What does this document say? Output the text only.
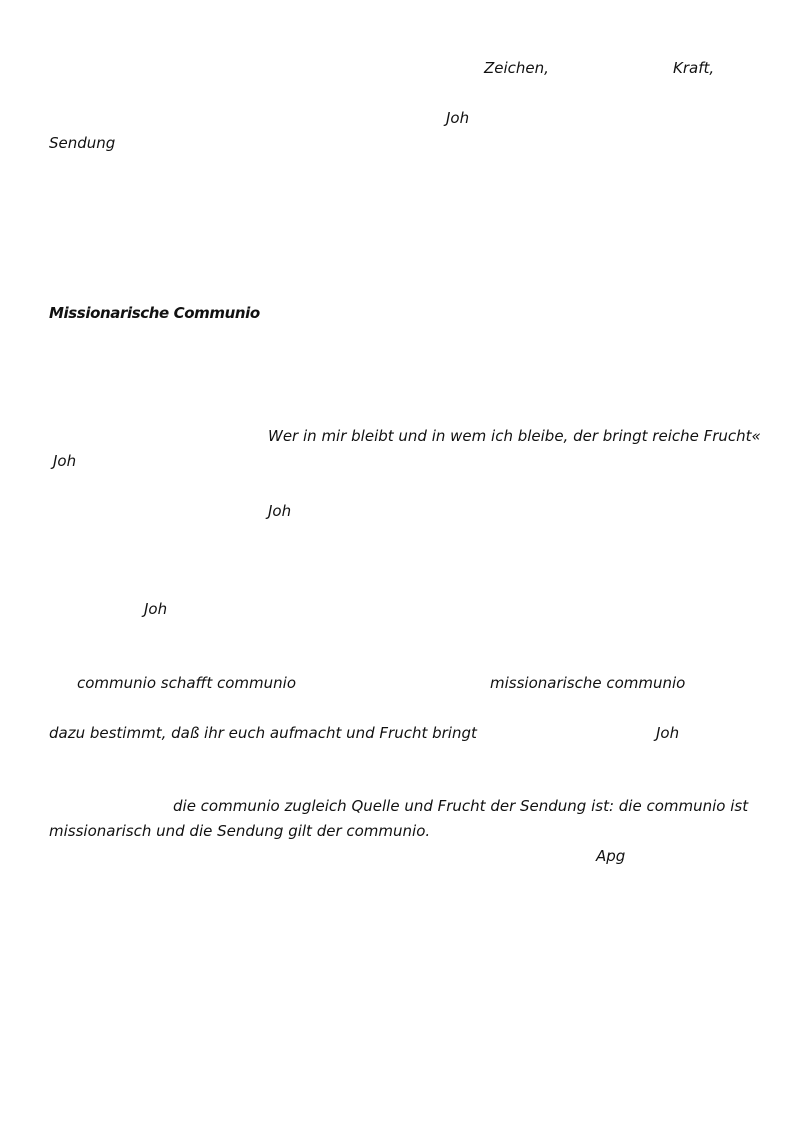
Zeichen,	Kraft,
Joh
Sendung
Missionarische Communio
Wer in mir bleibt und in wem ich bleibe, der bringt reiche Frucht«
Joh
Joh
Joh
communio schafft communio	missionarische communio
dazu bestimmt, daß ihr euch aufmacht und Frucht bringt	Joh
die communio zugleich Quelle und Frucht der Sendung ist: die communio ist
missionarisch und die Sendung gilt der communio.
Apg
